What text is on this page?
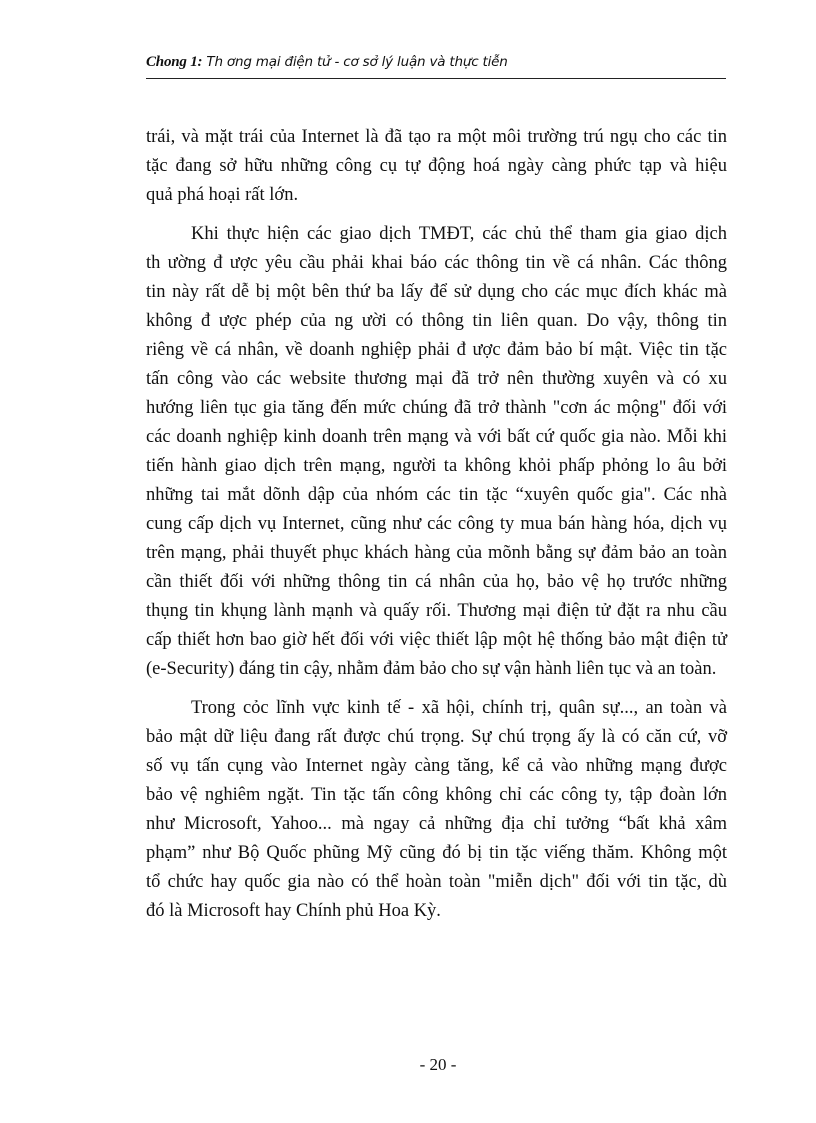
Chong 1: Th ơng mại điện tử - cơ sở lý luận và thực tiễn
trái, và mặt trái của Internet là đã tạo ra một môi trường trú ngụ cho các tin
tặc đang sở hữu những công cụ tự động hoá ngày càng phức tạp và hiệu
quả phá hoại rất lớn.
Khi thực hiện các giao dịch TMĐT, các chủ thể tham gia giao dịch
th ường đ ược yêu cầu phải khai báo các thông tin về cá nhân. Các thông
tin này rất dễ bị một bên thứ ba lấy để sử dụng cho các mục đích khác mà
không đ ược phép của ng ười có thông tin liên quan. Do vậy, thông tin
riêng về cá nhân, về doanh nghiệp phải đ ược đảm bảo bí mật. Việc tin tặc
tấn công vào các website thương mại đã trở nên thường xuyên và có xu
hướng liên tục gia tăng đến mức chúng đã trở thành "cơn ác mộng" đối với
các doanh nghiệp kinh doanh trên mạng và với bất cứ quốc gia nào. Mỗi khi
tiến hành giao dịch trên mạng, người ta không khỏi phấp phỏng lo âu bởi
những tai mắt dõnh dập của nhóm các tin tặc “xuyên quốc gia". Các nhà
cung cấp dịch vụ Internet, cũng như các công ty mua bán hàng hóa, dịch vụ
trên mạng, phải thuyết phục khách hàng của mõnh bằng sự đảm bảo an toàn
cần thiết đối với những thông tin cá nhân của họ, bảo vệ họ trước những
thụng tin khụng lành mạnh và quấy rối. Thương mại điện tử đặt ra nhu cầu
cấp thiết hơn bao giờ hết đối với việc thiết lập một hệ thống bảo mật điện tử
(e-Security) đáng tin cậy, nhằm đảm bảo cho sự vận hành liên tục và an toàn.
Trong cỏc lĩnh vực kinh tế - xã hội, chính trị, quân sự..., an toàn và
bảo mật dữ liệu đang rất được chú trọng. Sự chú trọng ấy là có căn cứ, vỡ
số vụ tấn cụng vào Internet ngày càng tăng, kể cả vào những mạng được
bảo vệ nghiêm ngặt. Tin tặc tấn công không chỉ các công ty, tập đoàn lớn
như Microsoft, Yahoo... mà ngay cả những địa chỉ tưởng “bất khả xâm
phạm” như Bộ Quốc phũng Mỹ cũng đó bị tin tặc viếng thăm. Không một
tổ chức hay quốc gia nào có thể hoàn toàn "miễn dịch" đối với tin tặc, dù
đó là Microsoft hay Chính phủ Hoa Kỳ.
- 20 -
